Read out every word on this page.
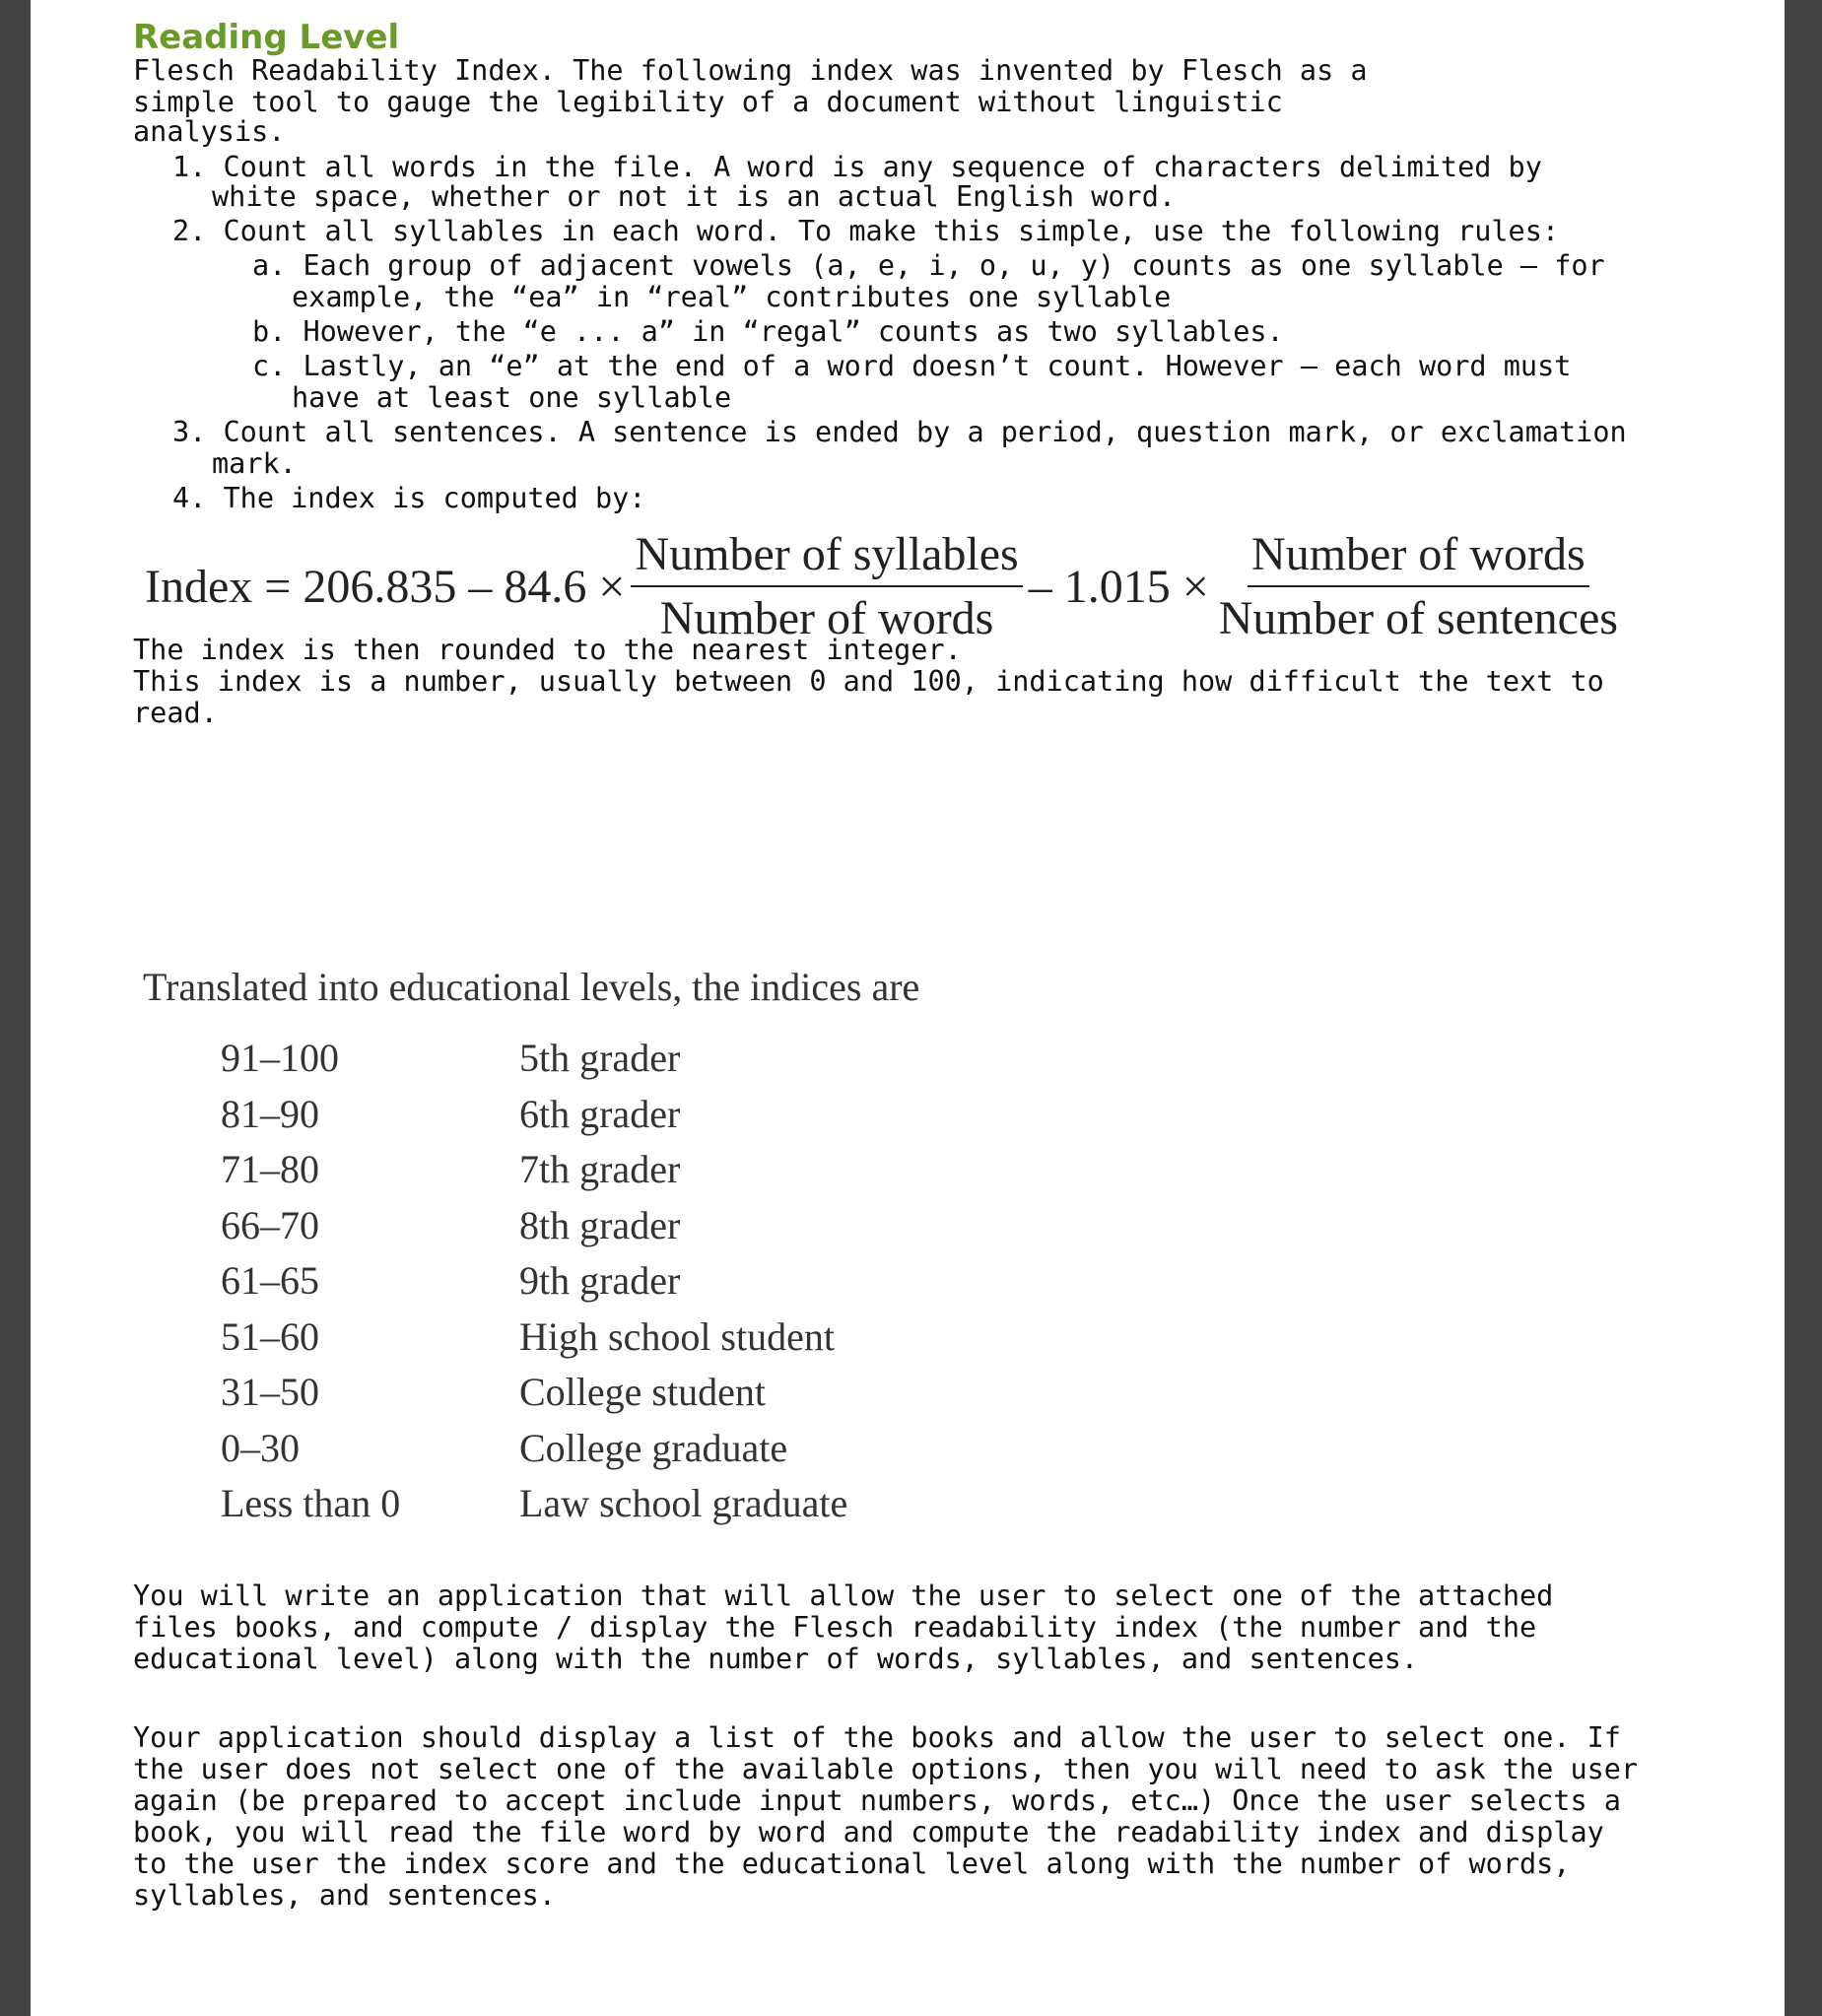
Reading Level
Flesch Readability Index. The following index was invented by Flesch as a
simple tool to gauge the legibility of a document without linguistic
analysis.
1. Count all words in the file. A word is any sequence of characters delimited by
white space, whether or not it is an actual English word.
2. Count all syllables in each word. To make this simple, use the following rules:
a. Each group of adjacent vowels (a, e, i, o, u, y) counts as one syllable – for
example, the “ea” in “real” contributes one syllable
b. However, the “e ... a” in “regal” counts as two syllables.
c. Lastly, an “e” at the end of a word doesn’t count. However – each word must
have at least one syllable
3. Count all sentences. A sentence is ended by a period, question mark, or exclamation
mark.
4. The index is computed by:
Index = $206.835 - 84.6 \times \frac{\text{Number of syllables}}{\text{Number of words}} - 1.015 \times \frac{\text{Number of words}}{\text{Number of sentences}}$
The index is then rounded to the nearest integer.
This index is a number, usually between 0 and 100, indicating how difficult the text to
read.
Translated into educational levels, the indices are
91–100	5th grader
81–90	6th grader
71–80	7th grader
66–70	8th grader
61–65	9th grader
51–60	High school student
31–50	College student
0–30	College graduate
Less than 0	Law school graduate
You will write an application that will allow the user to select one of the attached
files books, and compute / display the Flesch readability index (the number and the
educational level) along with the number of words, syllables, and sentences.
Your application should display a list of the books and allow the user to select one. If
the user does not select one of the available options, then you will need to ask the user
again (be prepared to accept include input numbers, words, etc…) Once the user selects a
book, you will read the file word by word and compute the readability index and display
to the user the index score and the educational level along with the number of words,
syllables, and sentences.
